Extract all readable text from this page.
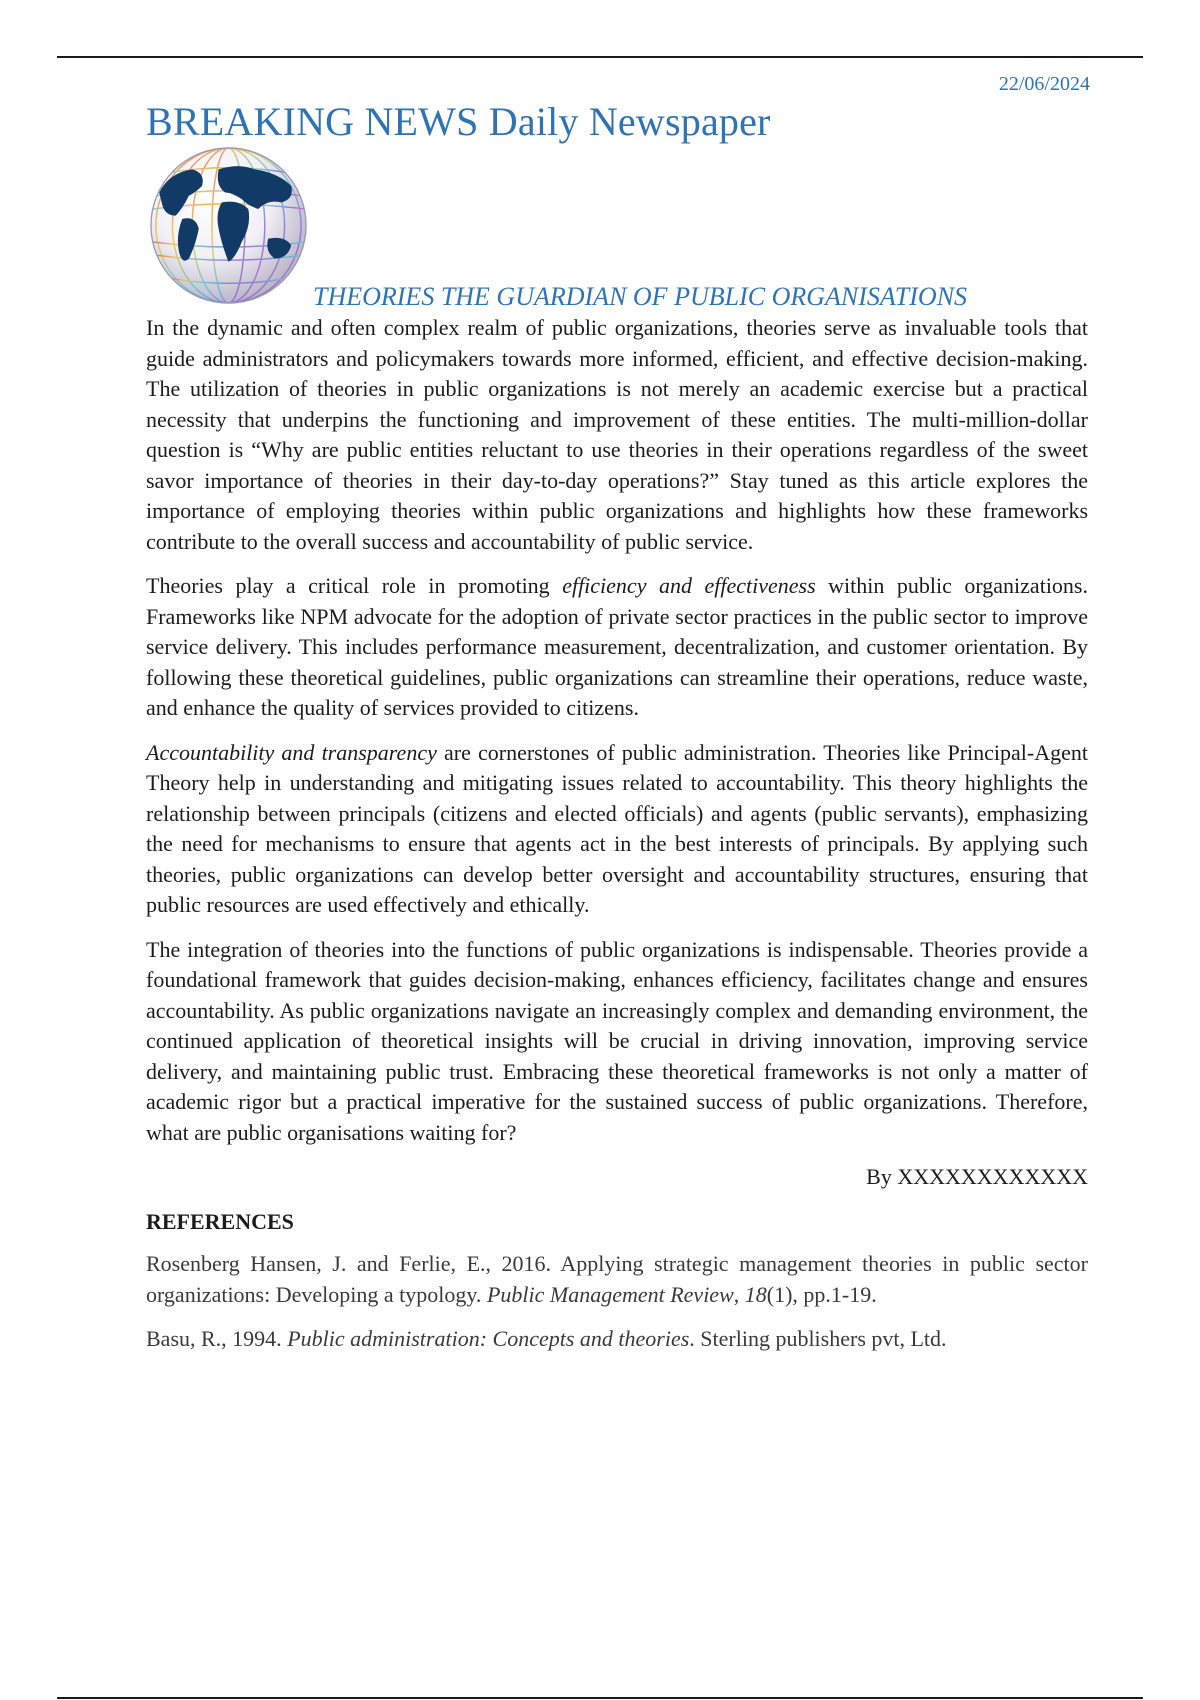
22/06/2024
BREAKING NEWS Daily Newspaper
THEORIES THE GUARDIAN OF PUBLIC ORGANISATIONS

In the dynamic and often complex realm of public organizations, theories serve as invaluable tools that guide administrators and policymakers towards more informed, efficient, and effective decision-making. The utilization of theories in public organizations is not merely an academic exercise but a practical necessity that underpins the functioning and improvement of these entities. The multi-million-dollar question is “Why are public entities reluctant to use theories in their operations regardless of the sweet savor importance of theories in their day-to-day operations?” Stay tuned as this article explores the importance of employing theories within public organizations and highlights how these frameworks contribute to the overall success and accountability of public service.

Theories play a critical role in promoting efficiency and effectiveness within public organizations. Frameworks like NPM advocate for the adoption of private sector practices in the public sector to improve service delivery. This includes performance measurement, decentralization, and customer orientation. By following these theoretical guidelines, public organizations can streamline their operations, reduce waste, and enhance the quality of services provided to citizens.

Accountability and transparency are cornerstones of public administration. Theories like Principal-Agent Theory help in understanding and mitigating issues related to accountability. This theory highlights the relationship between principals (citizens and elected officials) and agents (public servants), emphasizing the need for mechanisms to ensure that agents act in the best interests of principals. By applying such theories, public organizations can develop better oversight and accountability structures, ensuring that public resources are used effectively and ethically.

The integration of theories into the functions of public organizations is indispensable. Theories provide a foundational framework that guides decision-making, enhances efficiency, facilitates change and ensures accountability. As public organizations navigate an increasingly complex and demanding environment, the continued application of theoretical insights will be crucial in driving innovation, improving service delivery, and maintaining public trust. Embracing these theoretical frameworks is not only a matter of academic rigor but a practical imperative for the sustained success of public organizations. Therefore, what are public organisations waiting for?

By XXXXXXXXXXXX
REFERENCES

Rosenberg Hansen, J. and Ferlie, E., 2016. Applying strategic management theories in public sector organizations: Developing a typology. Public Management Review, 18(1), pp.1-19.

Basu, R., 1994. Public administration: Concepts and theories. Sterling publishers pvt, Ltd.
